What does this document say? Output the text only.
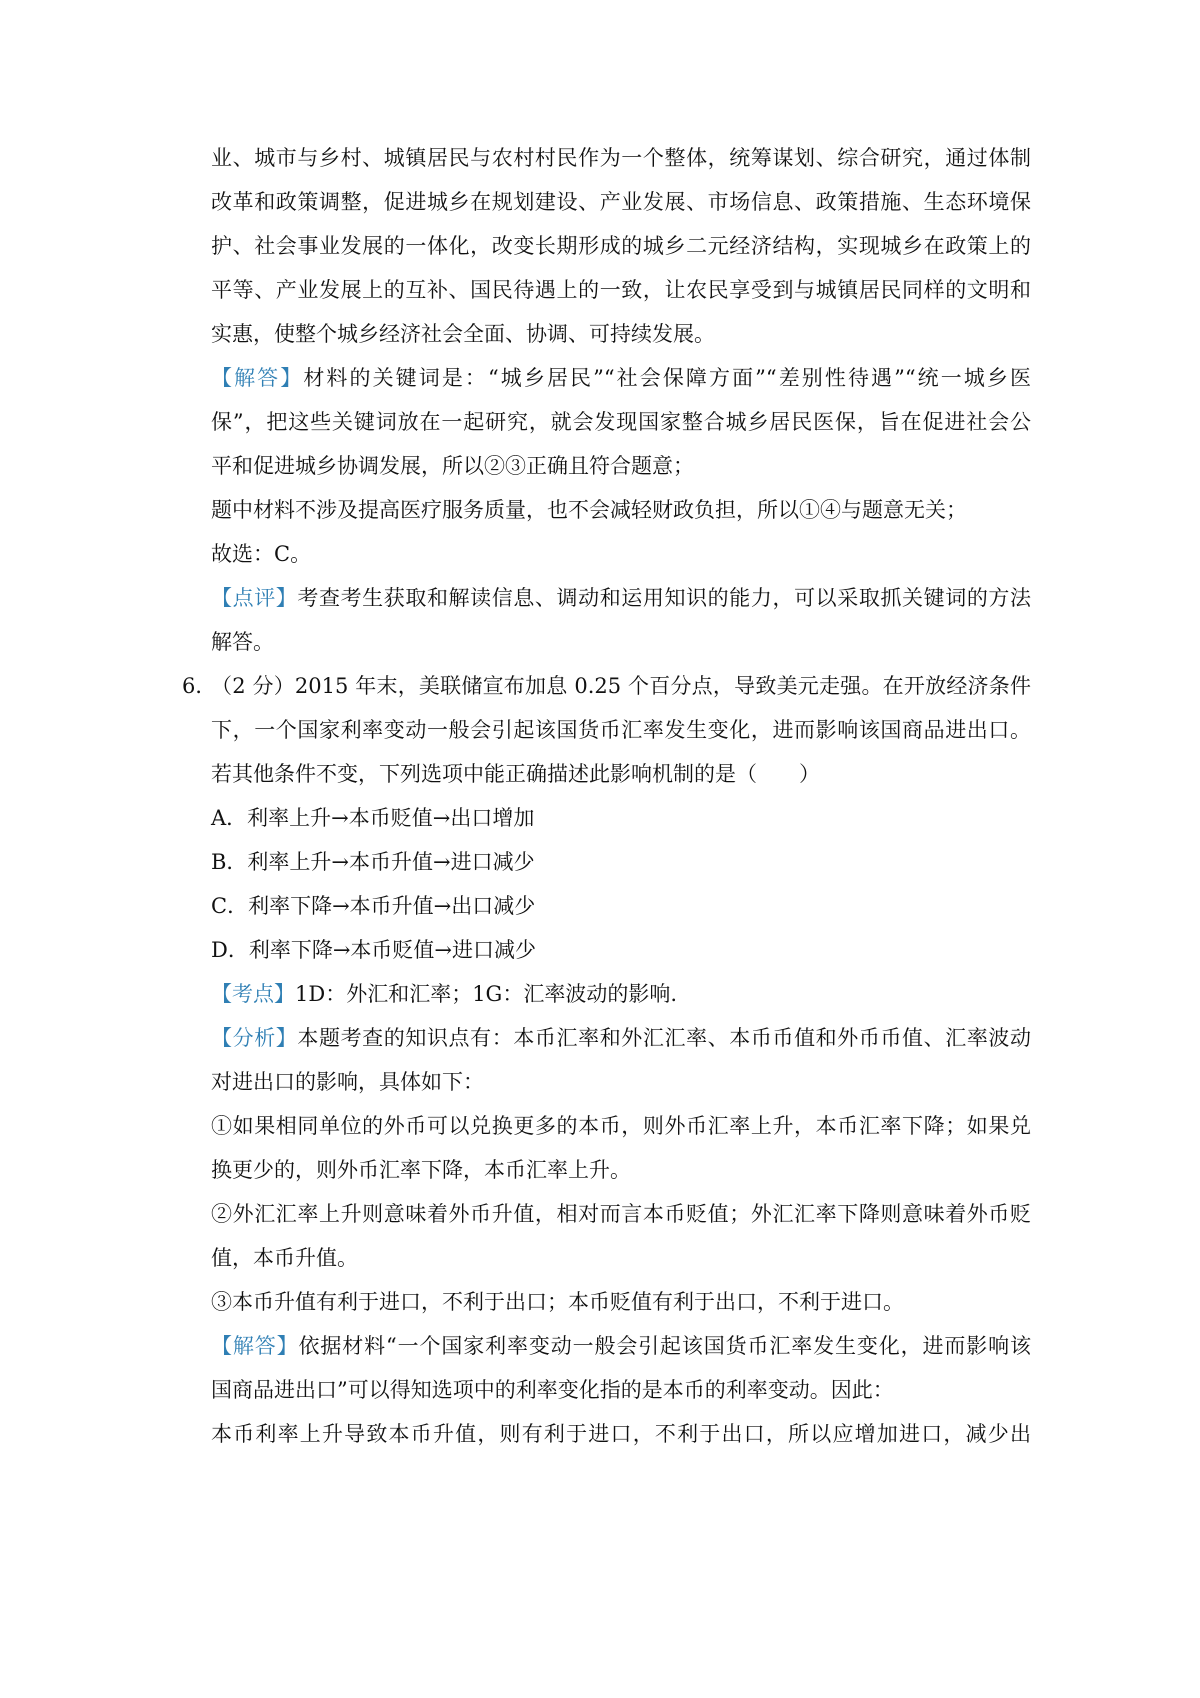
业、城市与乡村、城镇居民与农村村民作为一个整体，统筹谋划、综合研究，通过体制
改革和政策调整，促进城乡在规划建设、产业发展、市场信息、政策措施、生态环境保
护、社会事业发展的一体化，改变长期形成的城乡二元经济结构，实现城乡在政策上的
平等、产业发展上的互补、国民待遇上的一致，让农民享受到与城镇居民同样的文明和
实惠，使整个城乡经济社会全面、协调、可持续发展。
【解答】材料的关键词是：“城乡居民”“社会保障方面”“差别性待遇”“统一城乡医
保”，把这些关键词放在一起研究，就会发现国家整合城乡居民医保，旨在促进社会公
平和促进城乡协调发展，所以②③正确且符合题意；
题中材料不涉及提高医疗服务质量，也不会减轻财政负担，所以①④与题意无关；
故选：C。
【点评】考查考生获取和解读信息、调动和运用知识的能力，可以采取抓关键词的方法
解答。
6．
（2 分）2015 年末，美联储宣布加息 0.25 个百分点，导致美元走强。在开放经济条件
下，一个国家利率变动一般会引起该国货币汇率发生变化，进而影响该国商品进出口。
若其他条件不变，下列选项中能正确描述此影响机制的是（　　）
A．利率上升→本币贬值→出口增加
B．利率上升→本币升值→进口减少
C．利率下降→本币升值→出口减少
D．利率下降→本币贬值→进口减少
【考点】1D：外汇和汇率；1G：汇率波动的影响.
【分析】本题考查的知识点有：本币汇率和外汇汇率、本币币值和外币币值、汇率波动
对进出口的影响，具体如下：
①如果相同单位的外币可以兑换更多的本币，则外币汇率上升，本币汇率下降；如果兑
换更少的，则外币汇率下降，本币汇率上升。
②外汇汇率上升则意味着外币升值，相对而言本币贬值；外汇汇率下降则意味着外币贬
值，本币升值。
③本币升值有利于进口，不利于出口；本币贬值有利于出口，不利于进口。
【解答】依据材料“一个国家利率变动一般会引起该国货币汇率发生变化，进而影响该
国商品进出口”可以得知选项中的利率变化指的是本币的利率变动。因此：
本币利率上升导致本币升值，则有利于进口，不利于出口，所以应增加进口，减少出
